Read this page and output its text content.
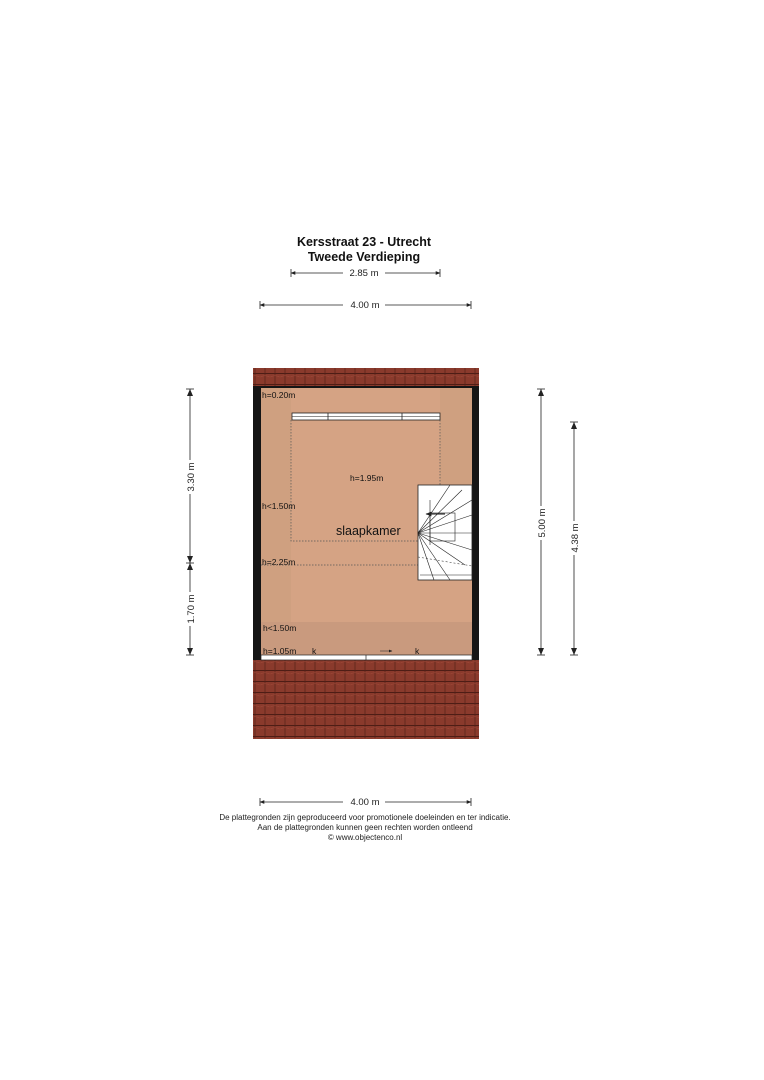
Kersstraat 23 - Utrecht
Tweede Verdieping
2.85 m
4.00 m
h=0.20m
h=1.95m
h<1.50m
h=2.25m
h<1.50m
h=1.05m k	k
slaapkamer
3.30 m
1.70 m
5.00 m
4.38 m
4.00 m
De plattegronden zijn geproduceerd voor promotionele doeleinden en ter indicatie.
Aan de plattegronden kunnen geen rechten worden ontleend
© www.objectenco.nl
